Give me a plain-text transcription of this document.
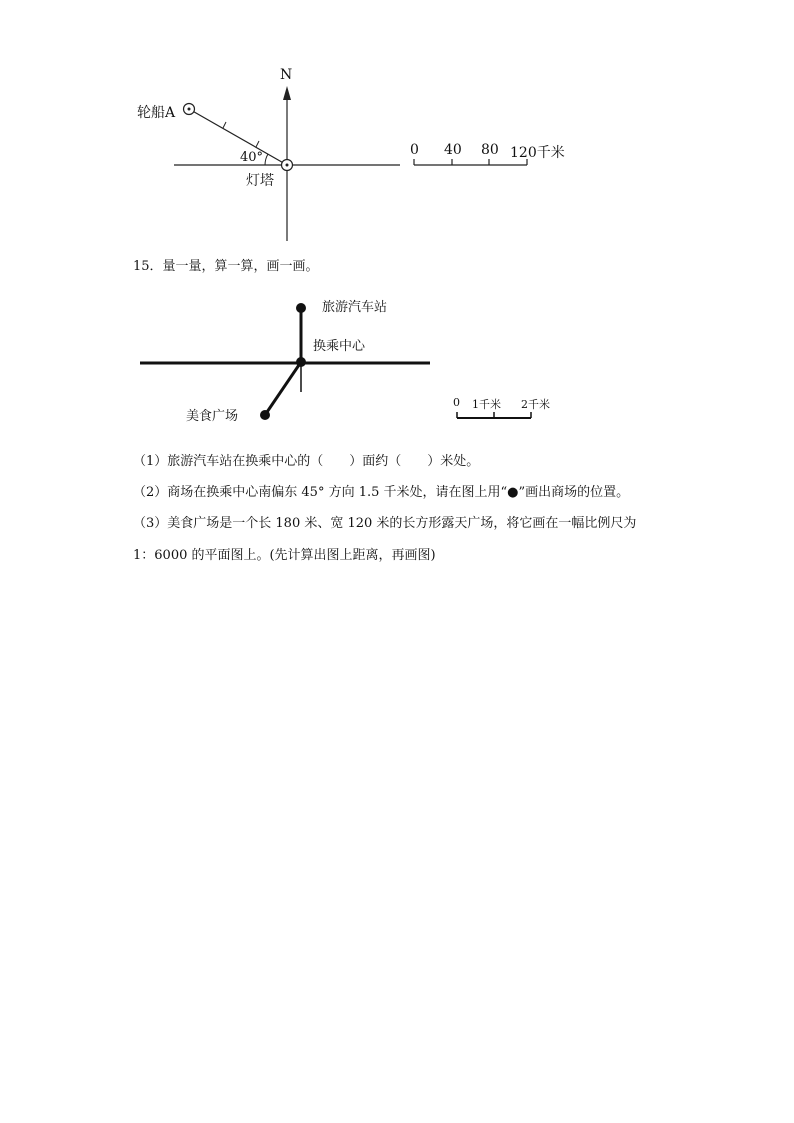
N
轮船A
40°
灯塔
0 40 80 120千米
15．量一量，算一算，画一画。
旅游汽车站
换乘中心
美食广场
0 1千米 2千米
（1）旅游汽车站在换乘中心的（　　）面约（　　）米处。
（2）商场在换乘中心南偏东 45° 方向 1.5 千米处，请在图上用“●”画出商场的位置。
（3）美食广场是一个长 180 米、宽 120 米的长方形露天广场，将它画在一幅比例尺为
1：6000 的平面图上。(先计算出图上距离，再画图)
